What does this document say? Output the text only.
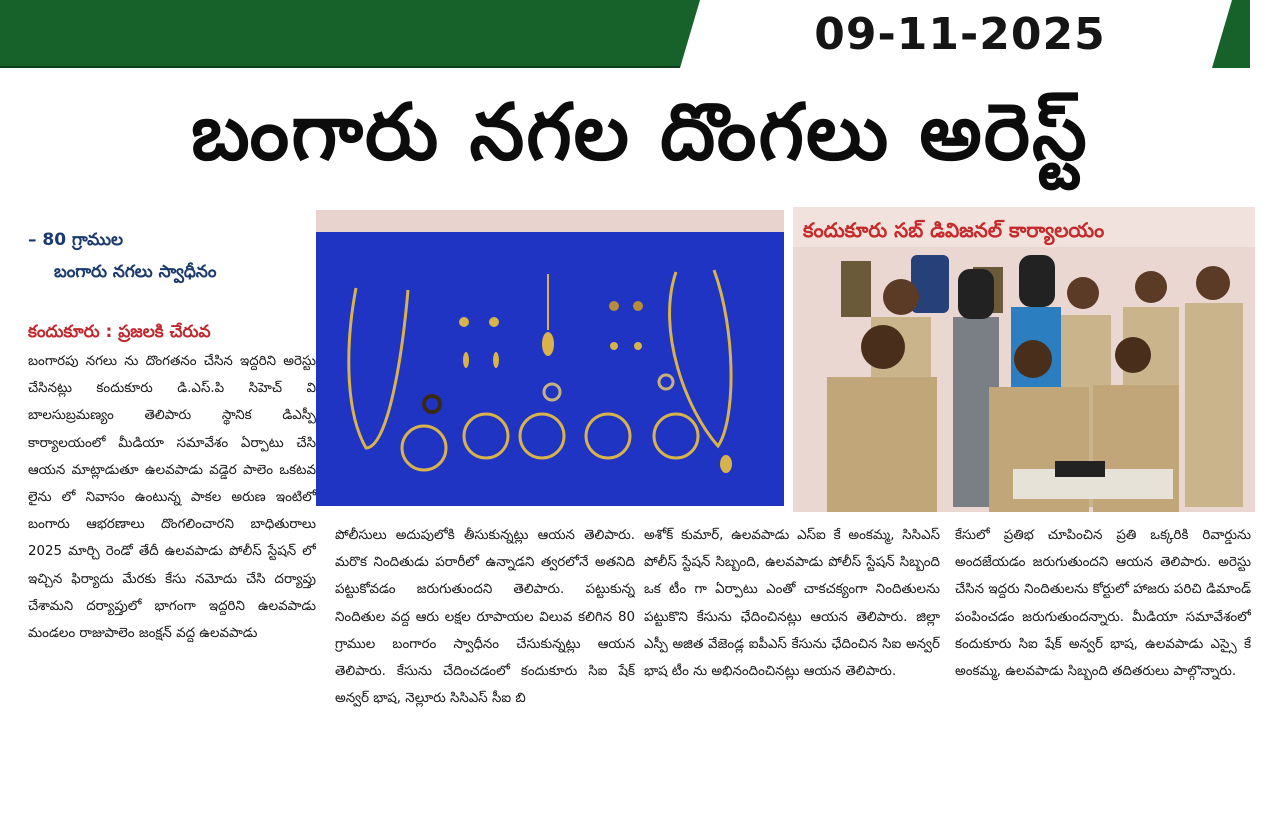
09-11-2025
బంగారు నగల దొంగలు అరెస్ట్
– 80 గ్రాముల
బంగారు నగలు స్వాధీనం
కందుకూరు : ప్రజలకి చేరువ

బంగారపు నగలు ను దొంగతనం చేసిన ఇద్దరిని అరెస్టు చేసినట్లు కందుకూరు డి.ఎస్.పి సిహెచ్ వి బాలసుబ్రమణ్యం తెలిపారు స్థానిక డిఎస్పీ కార్యాలయంలో మీడియా సమావేశం ఏర్పాటు చేసి ఆయన మాట్లాడుతూ ఉలవపాడు వడ్డెర పాలెం ఒకటవ లైను లో నివాసం ఉంటున్న పాకల అరుణ ఇంటిలో బంగారు ఆభరణాలు దొంగలించారని బాధితురాలు 2025 మార్చి రెండో తేదీ ఉలవపాడు పోలీస్ స్టేషన్ లో ఇచ్చిన ఫిర్యాదు మేరకు కేసు నమోదు చేసి దర్యాప్తు చేశామని దర్యాప్తులో భాగంగా ఇద్దరిని ఉలవపాడు మండలం రాజుపాలెం జంక్షన్ వద్ద ఉలవపాడు

పోలీసులు అదుపులోకి తీసుకున్నట్లు ఆయన తెలిపారు. మరొక నిందితుడు పరారీలో ఉన్నాడని త్వరలోనే అతనిది పట్టుకోవడం జరుగుతుందని తెలిపారు. పట్టుకున్న నిందితుల వద్ద ఆరు లక్షల రూపాయల విలువ కలిగిన 80 గ్రాముల బంగారం స్వాధీనం చేసుకున్నట్లు ఆయన తెలిపారు. కేసును చేదించడంలో కందుకూరు సిఐ షేక్ అన్వర్ భాష, నెల్లూరు సిసిఎస్ సీఐ బి

అశోక్ కుమార్, ఉలవపాడు ఎస్ఐ కే అంకమ్మ, సిసిఎస్ పోలీస్ స్టేషన్ సిబ్బంది, ఉలవపాడు పోలీస్ స్టేషన్ సిబ్బంది ఒక టీం గా ఏర్పాటు ఎంతో చాకచక్యంగా నిందితులను పట్టుకొని కేసును ఛేదించినట్లు ఆయన తెలిపారు. జిల్లా ఎస్పీ అజిత వేజెండ్ల ఐపీఎస్ కేసును ఛేదించిన సిఐ అన్వర్ భాష టీం ను అభినందించినట్లు ఆయన తెలిపారు.

కేసులో ప్రతిభ చూపించిన ప్రతి ఒక్కరికి రివార్డును అందజేయడం జరుగుతుందని ఆయన తెలిపారు. అరెస్టు చేసిన ఇద్దరు నిందితులను కోర్టులో హాజరు పరిచి డిమాండ్ పంపించడం జరుగుతుందన్నారు. మీడియా సమావేశంలో కందుకూరు సిఐ షేక్ అన్వర్ భాష, ఉలవపాడు ఎస్సై కే అంకమ్మ, ఉలవపాడు సిబ్బంది తదితరులు పాల్గొన్నారు.

కందుకూరు సబ్ డివిజనల్ కార్యాలయం
